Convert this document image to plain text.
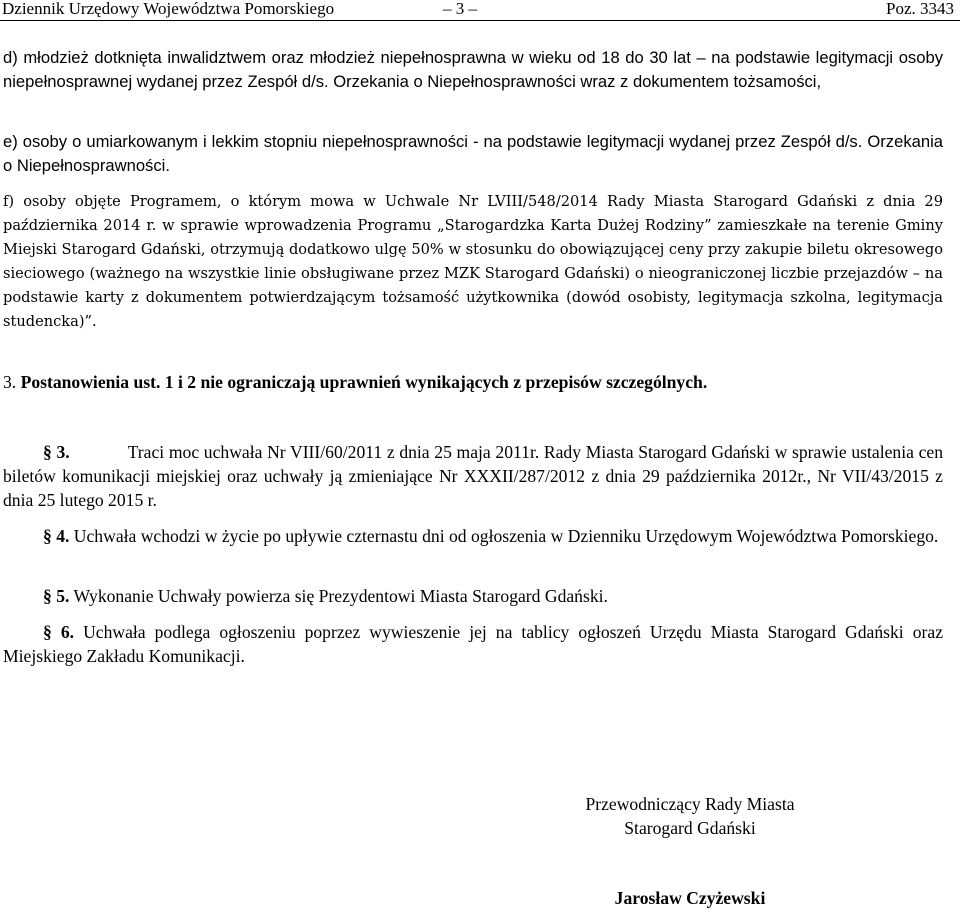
Dziennik Urzędowy Województwa Pomorskiego	– 3 –	Poz. 3343
d) młodzież dotknięta inwalidztwem oraz młodzież niepełnosprawna w wieku od 18 do 30 lat – na podstawie legitymacji osoby niepełnosprawnej wydanej przez Zespół d/s. Orzekania o Niepełnosprawności wraz z dokumentem tożsamości,
e) osoby o umiarkowanym i lekkim stopniu niepełnosprawności - na podstawie legitymacji wydanej przez Zespół d/s. Orzekania o Niepełnosprawności.
f) osoby objęte Programem, o którym mowa w Uchwale Nr LVIII/548/2014 Rady Miasta Starogard Gdański z dnia 29 października 2014 r. w sprawie wprowadzenia Programu „Starogardzka Karta Dużej Rodziny” zamieszkałe na terenie Gminy Miejski Starogard Gdański, otrzymują dodatkowo ulgę 50% w stosunku do obowiązującej ceny przy zakupie biletu okresowego sieciowego (ważnego na wszystkie linie obsługiwane przez MZK Starogard Gdański) o nieograniczonej liczbie przejazdów – na podstawie karty z dokumentem potwierdzającym tożsamość użytkownika (dowód osobisty, legitymacja szkolna, legitymacja studencka)”.
3. Postanowienia ust. 1 i 2 nie ograniczają uprawnień wynikających z przepisów szczególnych.
§ 3.	Traci moc uchwała Nr VIII/60/2011 z dnia 25 maja 2011r. Rady Miasta Starogard Gdański w sprawie ustalenia cen biletów komunikacji miejskiej oraz uchwały ją zmieniające Nr XXXII/287/2012 z dnia 29 października 2012r., Nr VII/43/2015 z dnia 25 lutego 2015 r.
§ 4. Uchwała wchodzi w życie po upływie czternastu dni od ogłoszenia w Dzienniku Urzędowym Województwa Pomorskiego.
§ 5. Wykonanie Uchwały powierza się Prezydentowi Miasta Starogard Gdański.
§ 6. Uchwała podlega ogłoszeniu poprzez wywieszenie jej na tablicy ogłoszeń Urzędu Miasta Starogard Gdański oraz Miejskiego Zakładu Komunikacji.
Przewodniczący Rady Miasta
Starogard Gdański
Jarosław Czyżewski
